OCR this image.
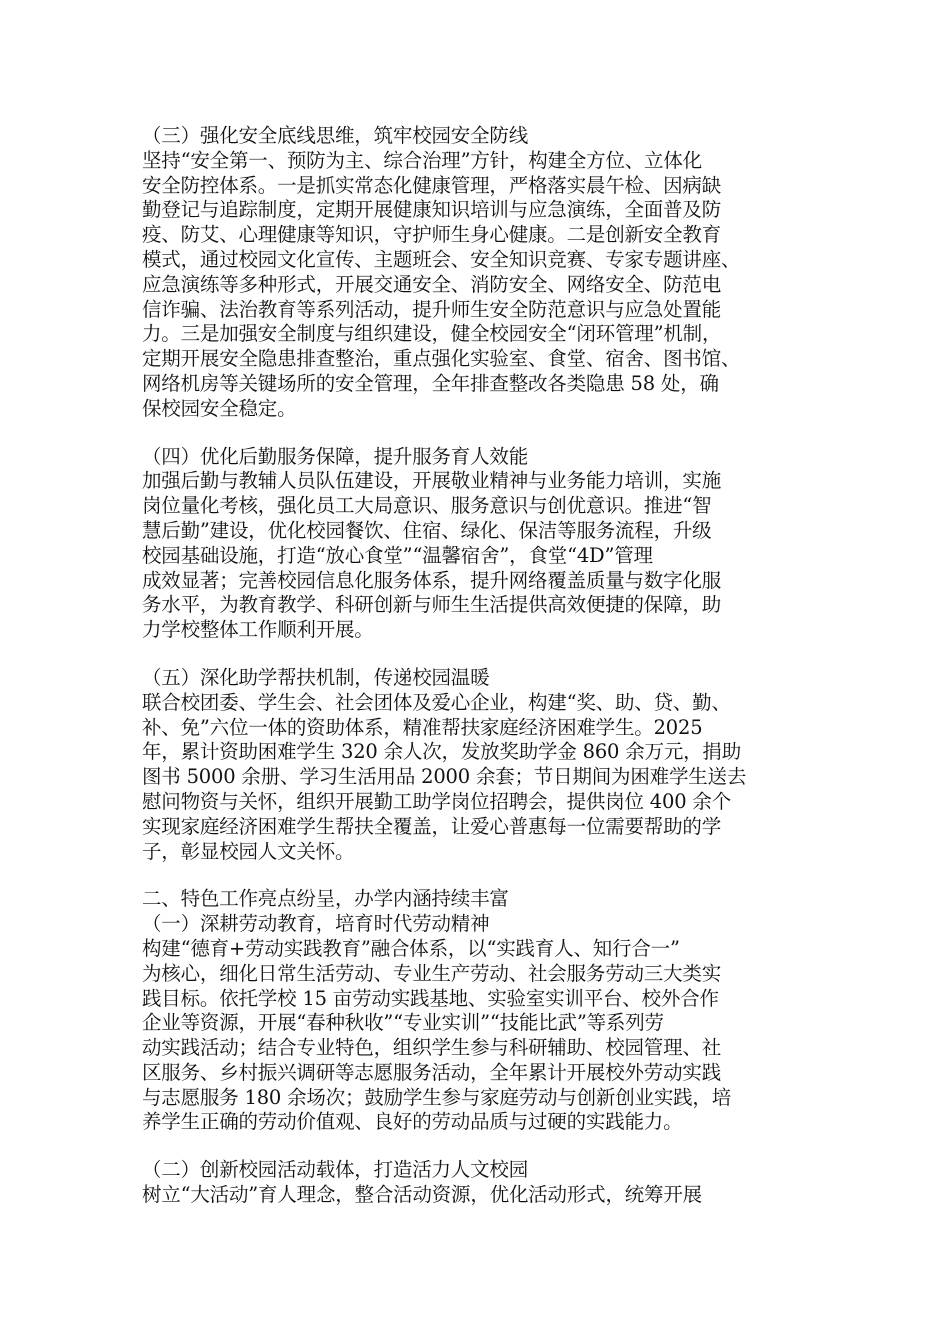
（三）强化安全底线思维，筑牢校园安全防线
坚持“安全第一、预防为主、综合治理”方针，构建全方位、立体化
安全防控体系。一是抓实常态化健康管理，严格落实晨午检、因病缺
勤登记与追踪制度，定期开展健康知识培训与应急演练，全面普及防
疫、防艾、心理健康等知识，守护师生身心健康。二是创新安全教育
模式，通过校园文化宣传、主题班会、安全知识竞赛、专家专题讲座、
应急演练等多种形式，开展交通安全、消防安全、网络安全、防范电
信诈骗、法治教育等系列活动，提升师生安全防范意识与应急处置能
力。三是加强安全制度与组织建设，健全校园安全“闭环管理”机制，
定期开展安全隐患排查整治，重点强化实验室、食堂、宿舍、图书馆、
网络机房等关键场所的安全管理，全年排查整改各类隐患 58 处，确
保校园安全稳定。
（四）优化后勤服务保障，提升服务育人效能
加强后勤与教辅人员队伍建设，开展敬业精神与业务能力培训，实施
岗位量化考核，强化员工大局意识、服务意识与创优意识。推进“智
慧后勤”建设，优化校园餐饮、住宿、绿化、保洁等服务流程，升级
校园基础设施，打造“放心食堂”“温馨宿舍”，食堂“4D”管理
成效显著；完善校园信息化服务体系，提升网络覆盖质量与数字化服
务水平，为教育教学、科研创新与师生生活提供高效便捷的保障，助
力学校整体工作顺利开展。
（五）深化助学帮扶机制，传递校园温暖
联合校团委、学生会、社会团体及爱心企业，构建“奖、助、贷、勤、
补、免”六位一体的资助体系，精准帮扶家庭经济困难学生。2025
年，累计资助困难学生 320 余人次，发放奖助学金 860 余万元，捐助
图书 5000 余册、学习生活用品 2000 余套；节日期间为困难学生送去
慰问物资与关怀，组织开展勤工助学岗位招聘会，提供岗位 400 余个
实现家庭经济困难学生帮扶全覆盖，让爱心普惠每一位需要帮助的学
子，彰显校园人文关怀。
二、特色工作亮点纷呈，办学内涵持续丰富
（一）深耕劳动教育，培育时代劳动精神
构建“德育+劳动实践教育”融合体系，以“实践育人、知行合一”
为核心，细化日常生活劳动、专业生产劳动、社会服务劳动三大类实
践目标。依托学校 15 亩劳动实践基地、实验室实训平台、校外合作
企业等资源，开展“春种秋收”“专业实训”“技能比武”等系列劳
动实践活动；结合专业特色，组织学生参与科研辅助、校园管理、社
区服务、乡村振兴调研等志愿服务活动，全年累计开展校外劳动实践
与志愿服务 180 余场次；鼓励学生参与家庭劳动与创新创业实践，培
养学生正确的劳动价值观、良好的劳动品质与过硬的实践能力。
（二）创新校园活动载体，打造活力人文校园
树立“大活动”育人理念，整合活动资源，优化活动形式，统筹开展
